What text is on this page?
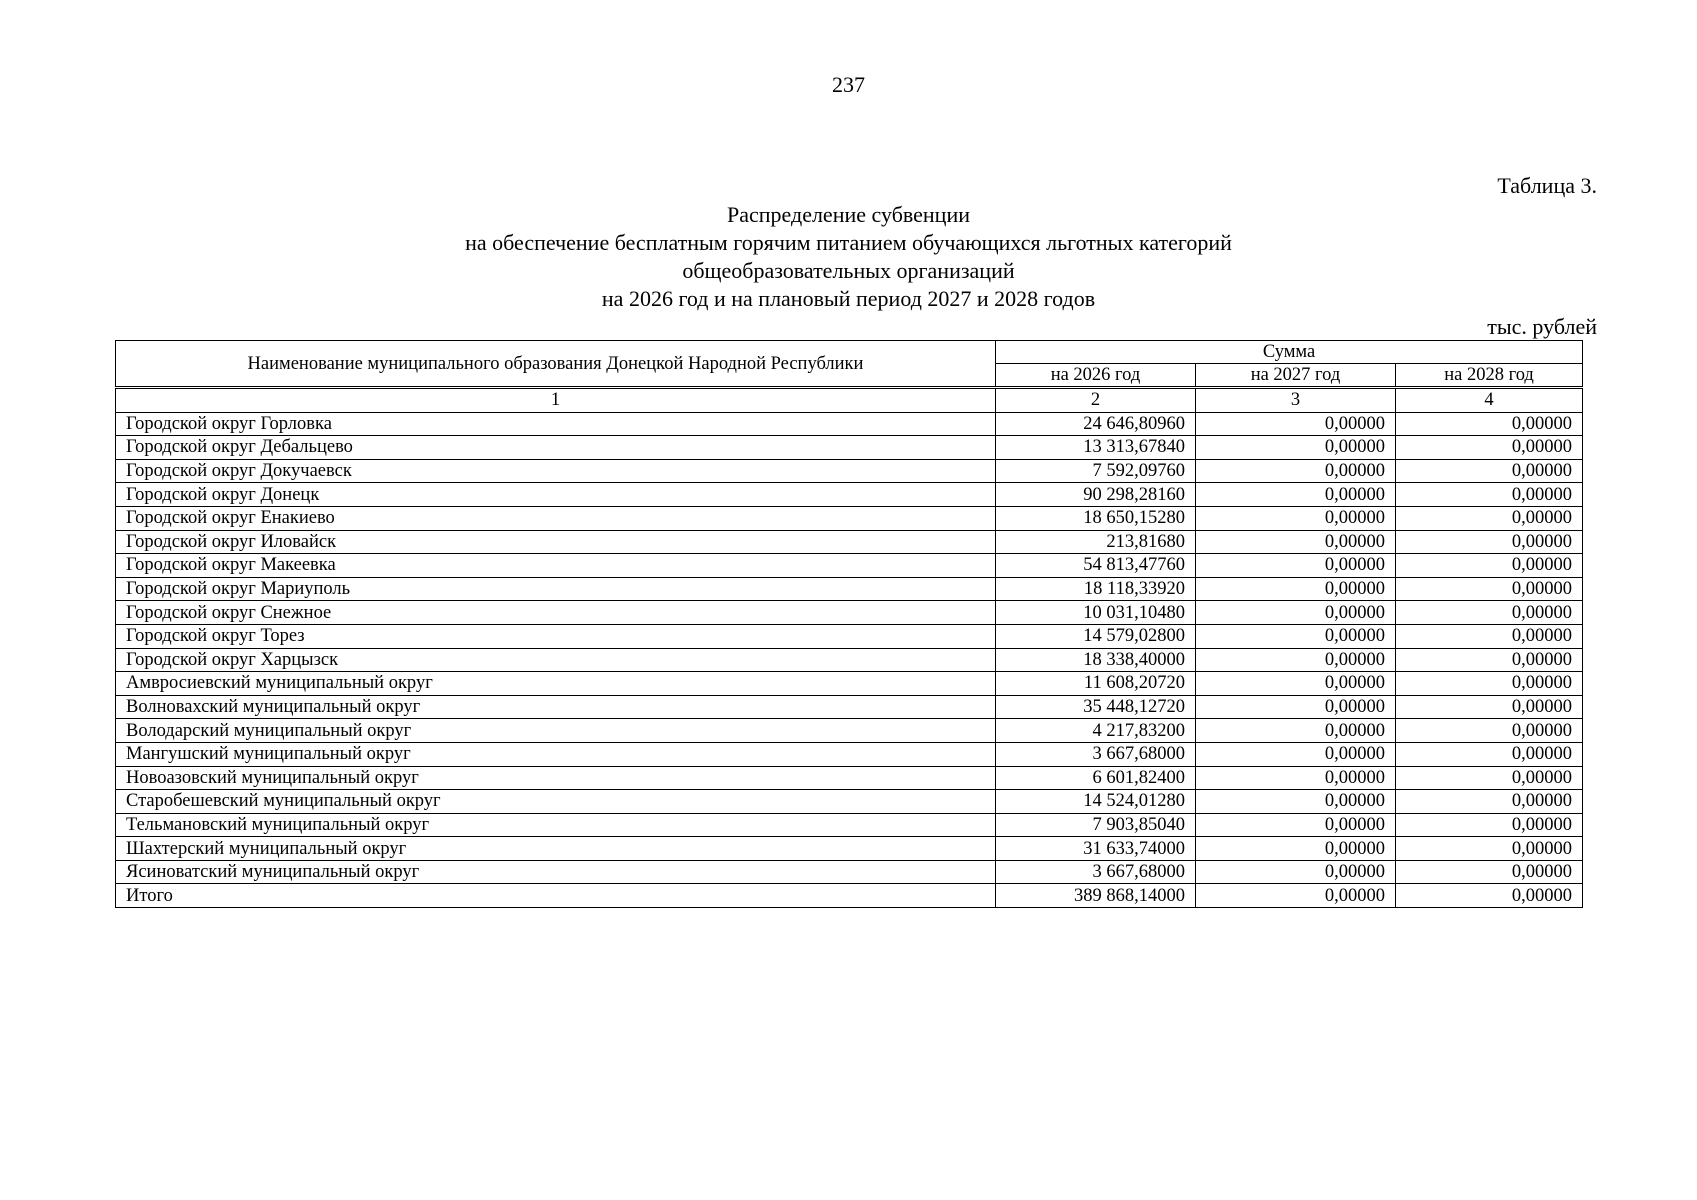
237
Таблица 3.
Распределение субвенции
на обеспечение бесплатным горячим питанием обучающихся льготных категорий
общеобразовательных организаций
на 2026 год и на плановый период 2027 и 2028 годов
тыс. рублей
Наименование муниципального образования Донецкой Народной Республики	Сумма		
	на 2026 год	на 2027 год	на 2028 год
1	2	3	4
Городской округ Горловка	24 646,80960	0,00000	0,00000
Городской округ Дебальцево	13 313,67840	0,00000	0,00000
Городской округ Докучаевск	7 592,09760	0,00000	0,00000
Городской округ Донецк	90 298,28160	0,00000	0,00000
Городской округ Енакиево	18 650,15280	0,00000	0,00000
Городской округ Иловайск	213,81680	0,00000	0,00000
Городской округ Макеевка	54 813,47760	0,00000	0,00000
Городской округ Мариуполь	18 118,33920	0,00000	0,00000
Городской округ Снежное	10 031,10480	0,00000	0,00000
Городской округ Торез	14 579,02800	0,00000	0,00000
Городской округ Харцызск	18 338,40000	0,00000	0,00000
Амвросиевский муниципальный округ	11 608,20720	0,00000	0,00000
Волновахский муниципальный округ	35 448,12720	0,00000	0,00000
Володарский муниципальный округ	4 217,83200	0,00000	0,00000
Мангушский муниципальный округ	3 667,68000	0,00000	0,00000
Новоазовский муниципальный округ	6 601,82400	0,00000	0,00000
Старобешевский муниципальный округ	14 524,01280	0,00000	0,00000
Тельмановский муниципальный округ	7 903,85040	0,00000	0,00000
Шахтерский муниципальный округ	31 633,74000	0,00000	0,00000
Ясиноватский муниципальный округ	3 667,68000	0,00000	0,00000
Итого	389 868,14000	0,00000	0,00000
